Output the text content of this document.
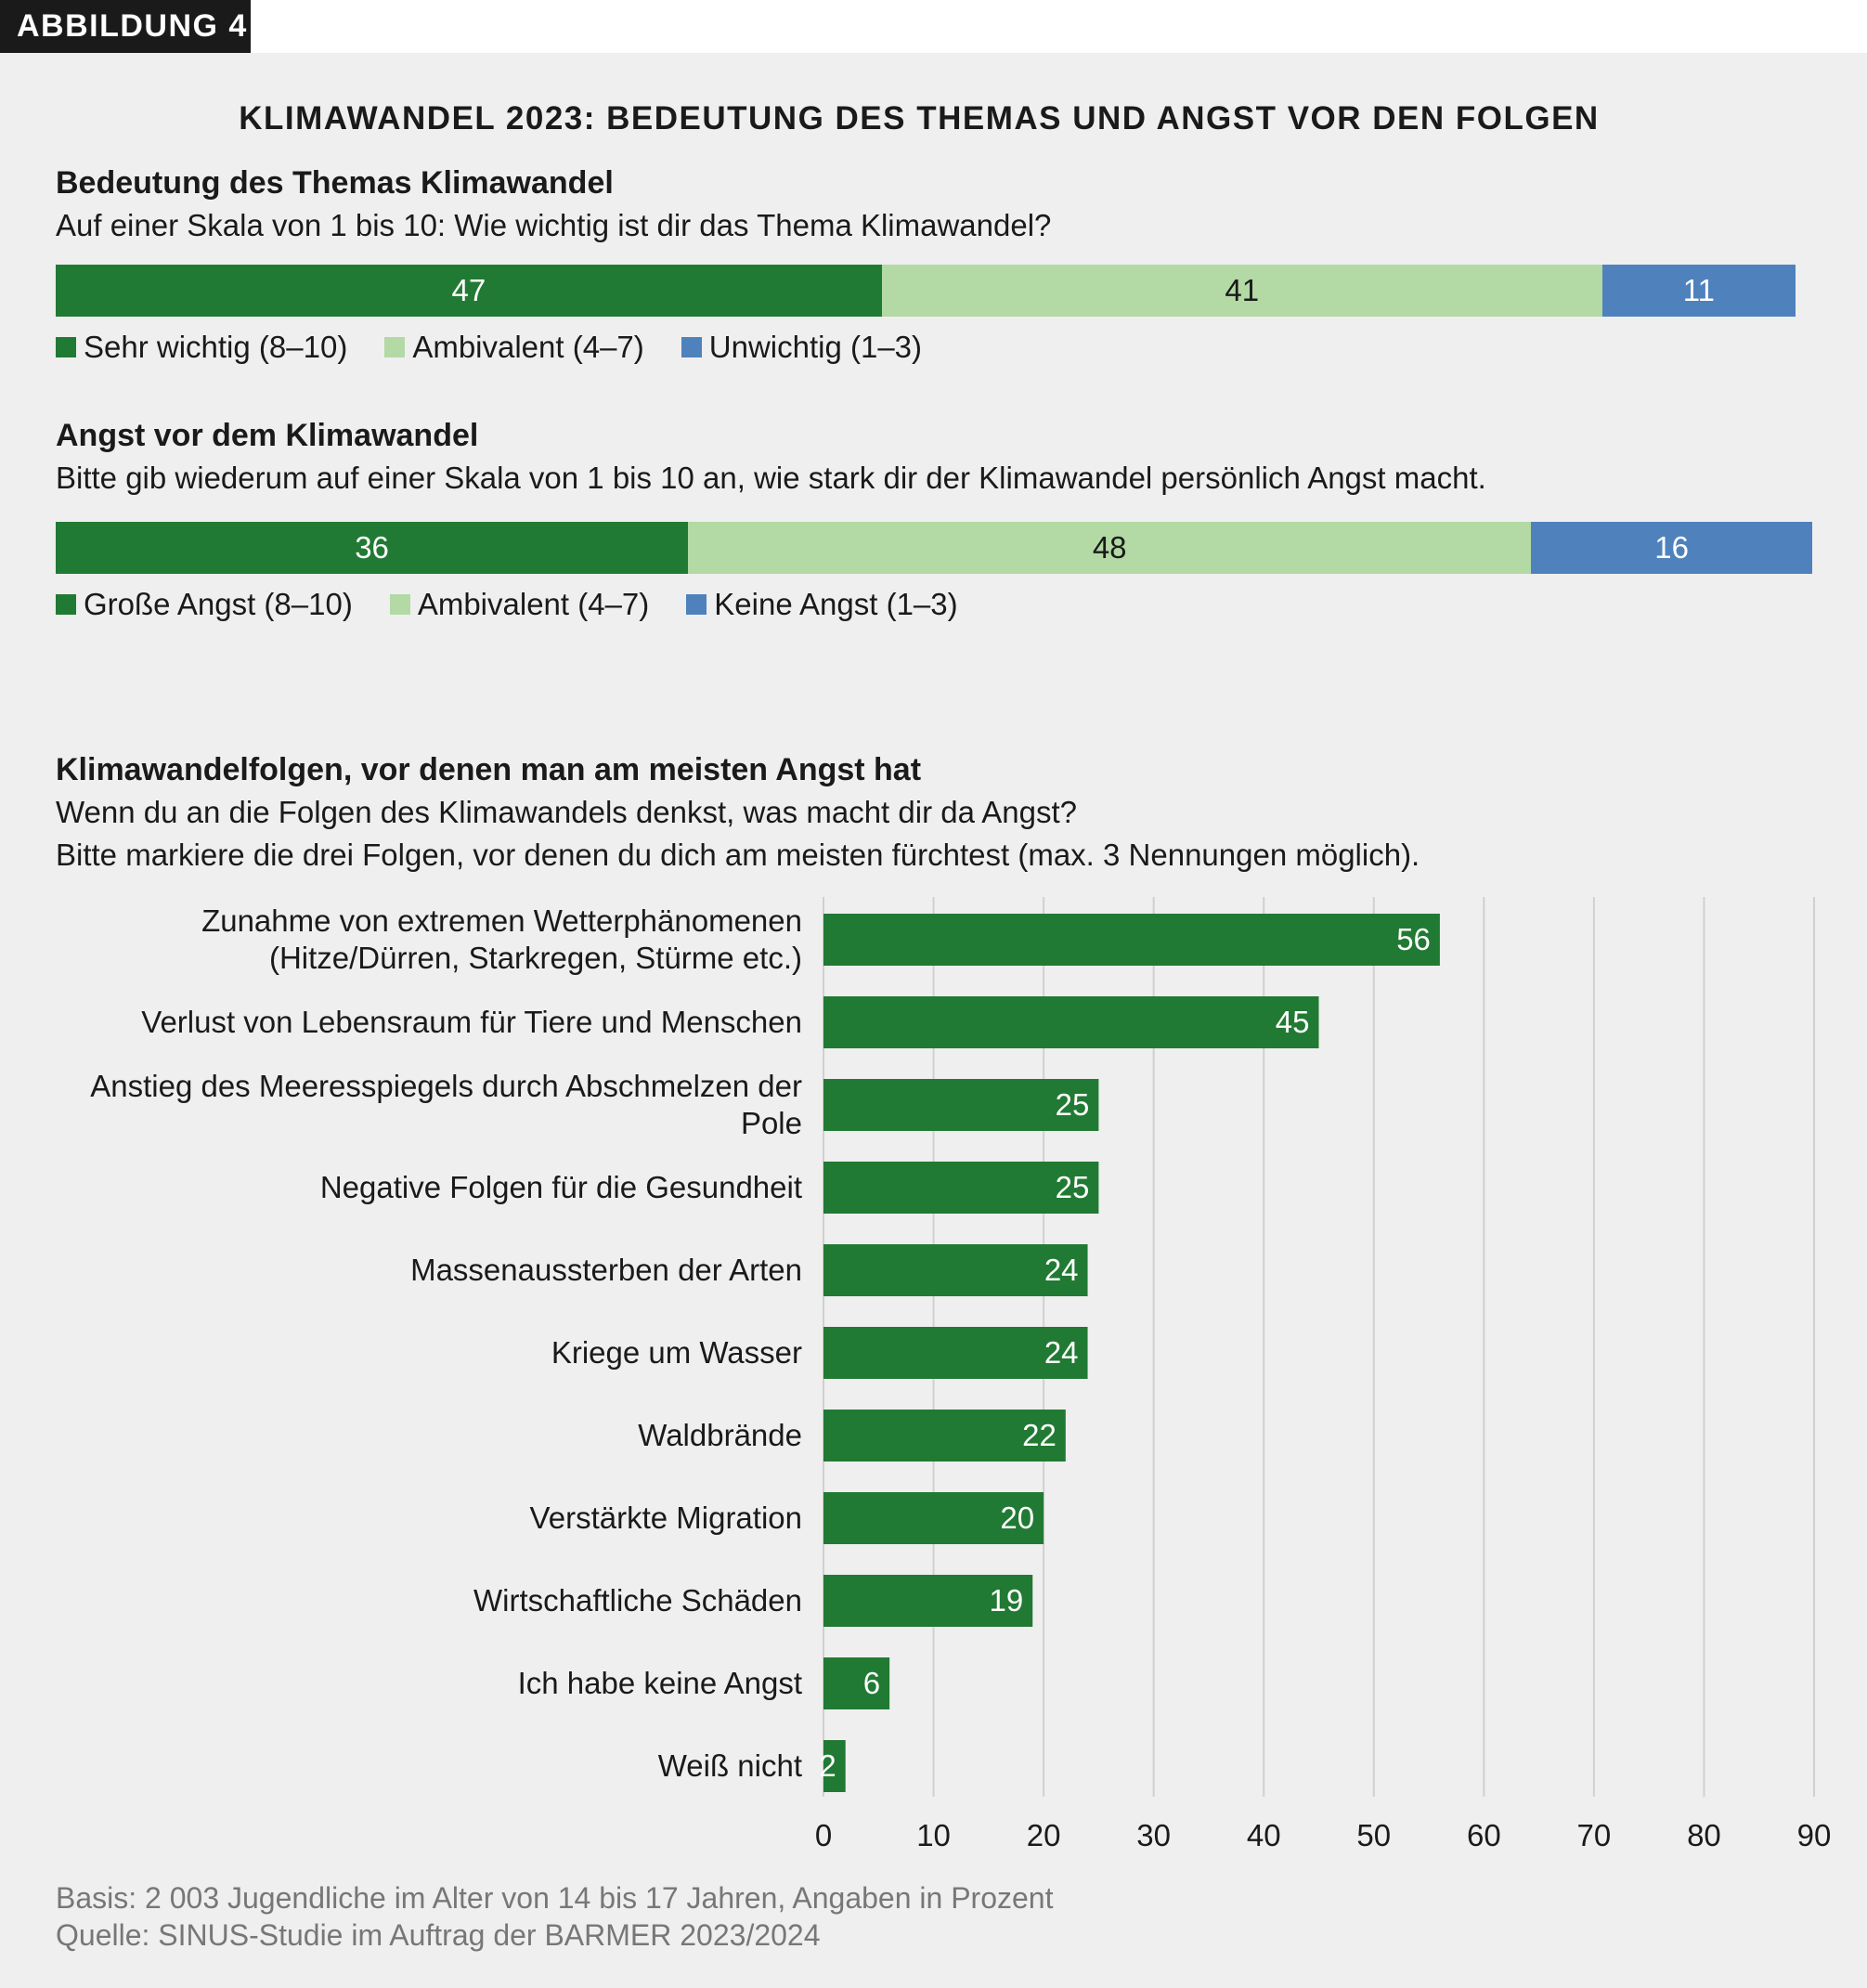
ABBILDUNG 4
KLIMAWANDEL 2023: BEDEUTUNG DES THEMAS UND ANGST VOR DEN FOLGEN
Bedeutung des Themas Klimawandel
Auf einer Skala von 1 bis 10: Wie wichtig ist dir das Thema Klimawandel?
47	41	11
Sehr wichtig (8–10) Ambivalent (4–7) Unwichtig (1–3)
Angst vor dem Klimawandel
Bitte gib wiederum auf einer Skala von 1 bis 10 an, wie stark dir der Klimawandel persönlich Angst macht.
36	48	16
Große Angst (8–10) Ambivalent (4–7) Keine Angst (1–3)
Klimawandelfolgen, vor denen man am meisten Angst hat
Wenn du an die Folgen des Klimawandels denkst, was macht dir da Angst?
Bitte markiere die drei Folgen, vor denen du dich am meisten fürchtest (max. 3 Nennungen möglich).
0	10 20 30 40 50 60 70 80 90
56
Zunahme von extremen Wetterphänomenen
(Hitze/Dürren, Starkregen, Stürme etc.)
45
Verlust von Lebensraum für Tiere und Menschen
25
Anstieg des Meeresspiegels durch Abschmelzen der
Pole
25
Negative Folgen für die Gesundheit
24
Massenaussterben der Arten
24
Kriege um Wasser
22
Waldbrände
20
Verstärkte Migration
19
Wirtschaftliche Schäden
6
Ich habe keine Angst
2
Weiß nicht
Basis: 2 003 Jugendliche im Alter von 14 bis 17 Jahren, Angaben in Prozent
Quelle: SINUS-Studie im Auftrag der BARMER 2023/2024
